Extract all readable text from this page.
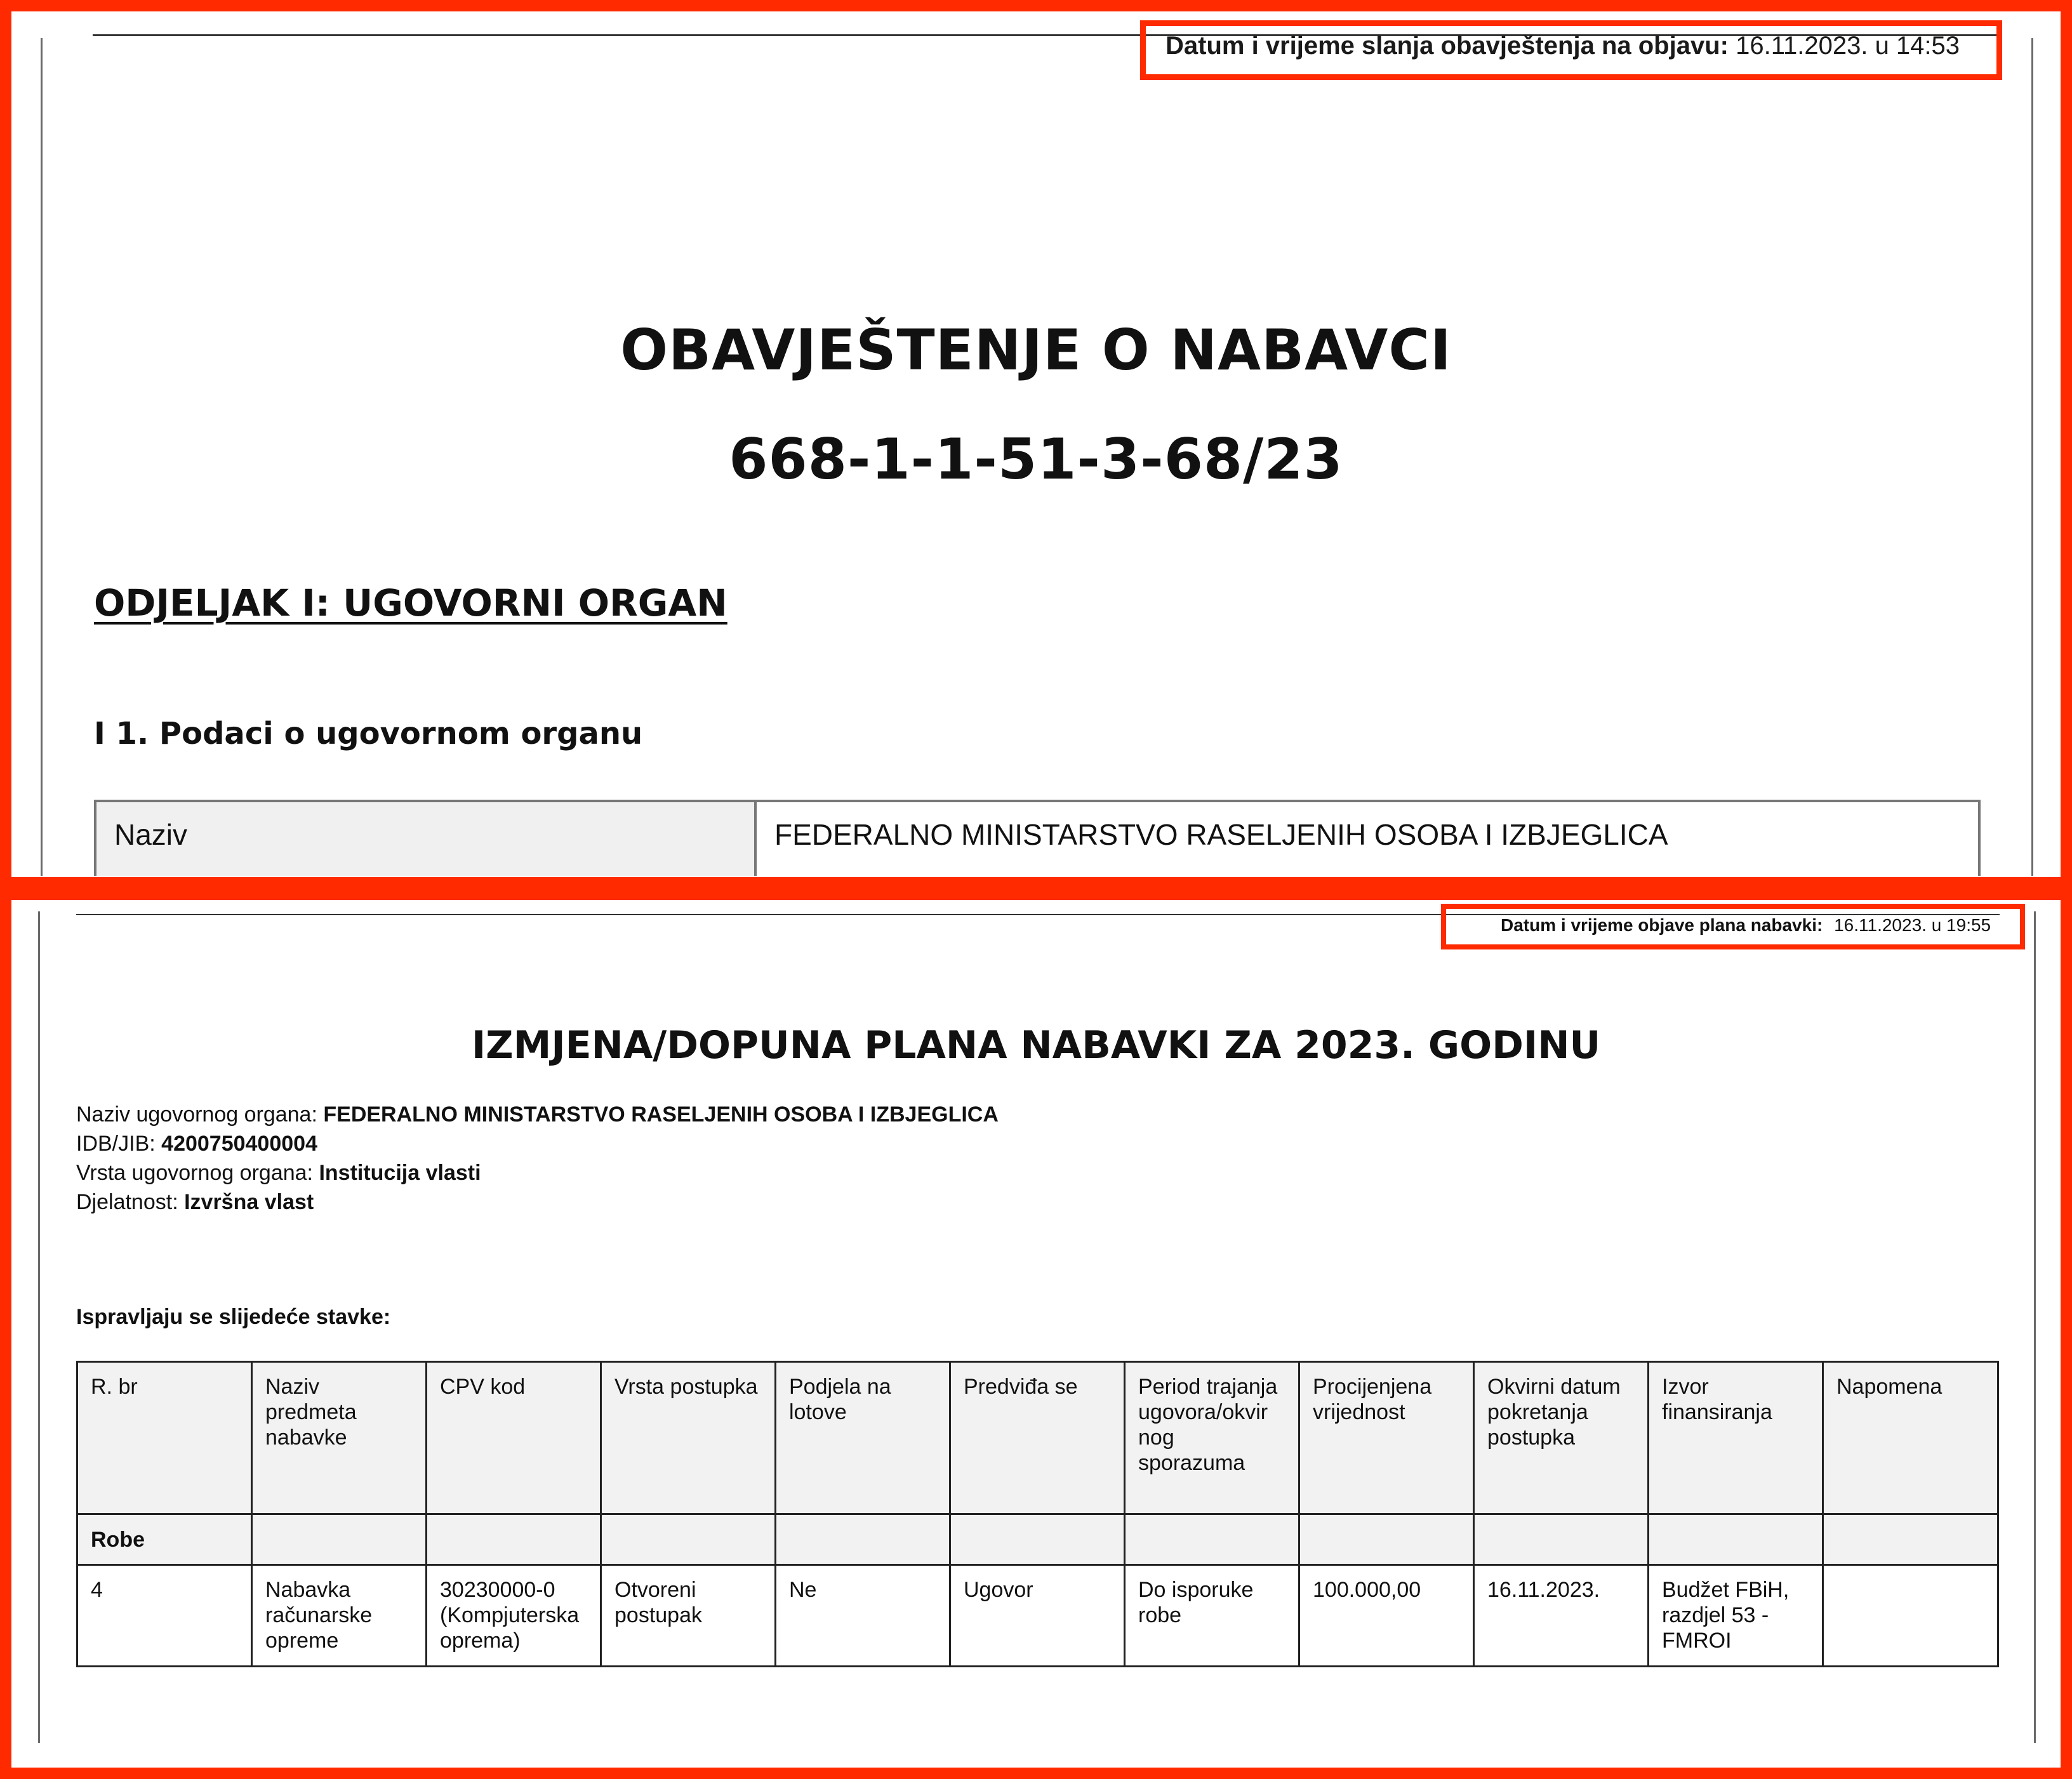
Datum i vrijeme slanja obavještenja na objavu: 16.11.2023. u 14:53
OBAVJEŠTENJE O NABAVCI
668-1-1-51-3-68/23
ODJELJAK I: UGOVORNI ORGAN
I 1. Podaci o ugovornom organu
Naziv	FEDERALNO MINISTARSTVO RASELJENIH OSOBA I IZBJEGLICA
Datum i vrijeme objave plana nabavki: 16.11.2023. u 19:55
IZMJENA/DOPUNA PLANA NABAVKI ZA 2023. GODINU
Naziv ugovornog organa: FEDERALNO MINISTARSTVO RASELJENIH OSOBA I IZBJEGLICA
IDB/JIB: 4200750400004
Vrsta ugovornog organa: Institucija vlasti
Djelatnost: Izvršna vlast
Ispravljaju se slijedeće stavke:
R. br	Naziv predmeta nabavke	CPV kod	Vrsta postupka	Podjela na lotove	Predviđa se	Period trajanja ugovora/okvir nog sporazuma	Procijenjena vrijednost	Okvirni datum pokretanja postupka	Izvor finansiranja	Napomena
Robe										
4	Nabavka računarske opreme	30230000-0 (Kompjuterska oprema)	Otvoreni postupak	Ne	Ugovor	Do isporuke robe	100.000,00	16.11.2023.	Budžet FBiH, razdjel 53 - FMROI	
